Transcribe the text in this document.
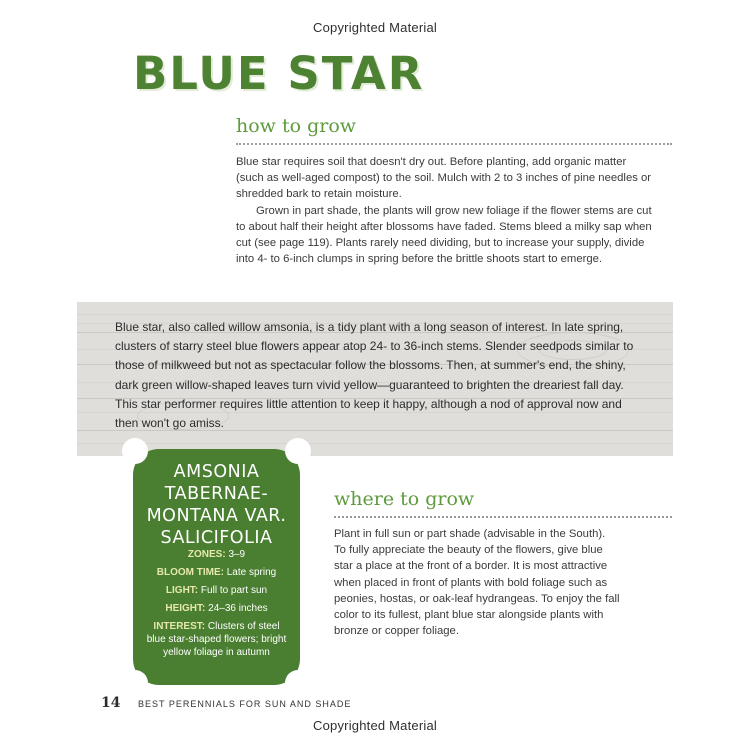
Copyrighted Material
BLUE STAR
how to grow

Blue star requires soil that doesn't dry out. Before planting, add organic matter (such as well-aged compost) to the soil. Mulch with 2 to 3 inches of pine needles or shredded bark to retain moisture.

Grown in part shade, the plants will grow new foliage if the flower stems are cut to about half their height after blossoms have faded. Stems bleed a milky sap when cut (see page 119). Plants rarely need dividing, but to increase your supply, divide into 4- to 6-inch clumps in spring before the brittle shoots start to emerge.

Blue star, also called willow amsonia, is a tidy plant with a long season of interest. In late spring, clusters of starry steel blue flowers appear atop 24- to 36-inch stems. Slender seedpods similar to those of milkweed but not as spectacular follow the blossoms. Then, at summer's end, the shiny, dark green willow-shaped leaves turn vivid yellow—guaranteed to brighten the dreariest fall day. This star performer requires little attention to keep it happy, although a nod of approval now and then won't go amiss.
AMSONIA
TABERNAE-
MONTANA VAR.
SALICIFOLIA
ZONES: 3–9
BLOOM TIME: Late spring
LIGHT: Full to part sun
HEIGHT: 24–36 inches
INTEREST: Clusters of steel blue star-shaped flowers; bright yellow foliage in autumn
where to grow
Plant in full sun or part shade (advisable in the South). To fully appreciate the beauty of the flowers, give blue star a place at the front of a border. It is most attractive when placed in front of plants with bold foliage such as peonies, hostas, or oak-leaf hydrangeas. To enjoy the fall color to its fullest, plant blue star alongside plants with bronze or copper foliage.
14 BEST PERENNIALS FOR SUN AND SHADE
Copyrighted Material
